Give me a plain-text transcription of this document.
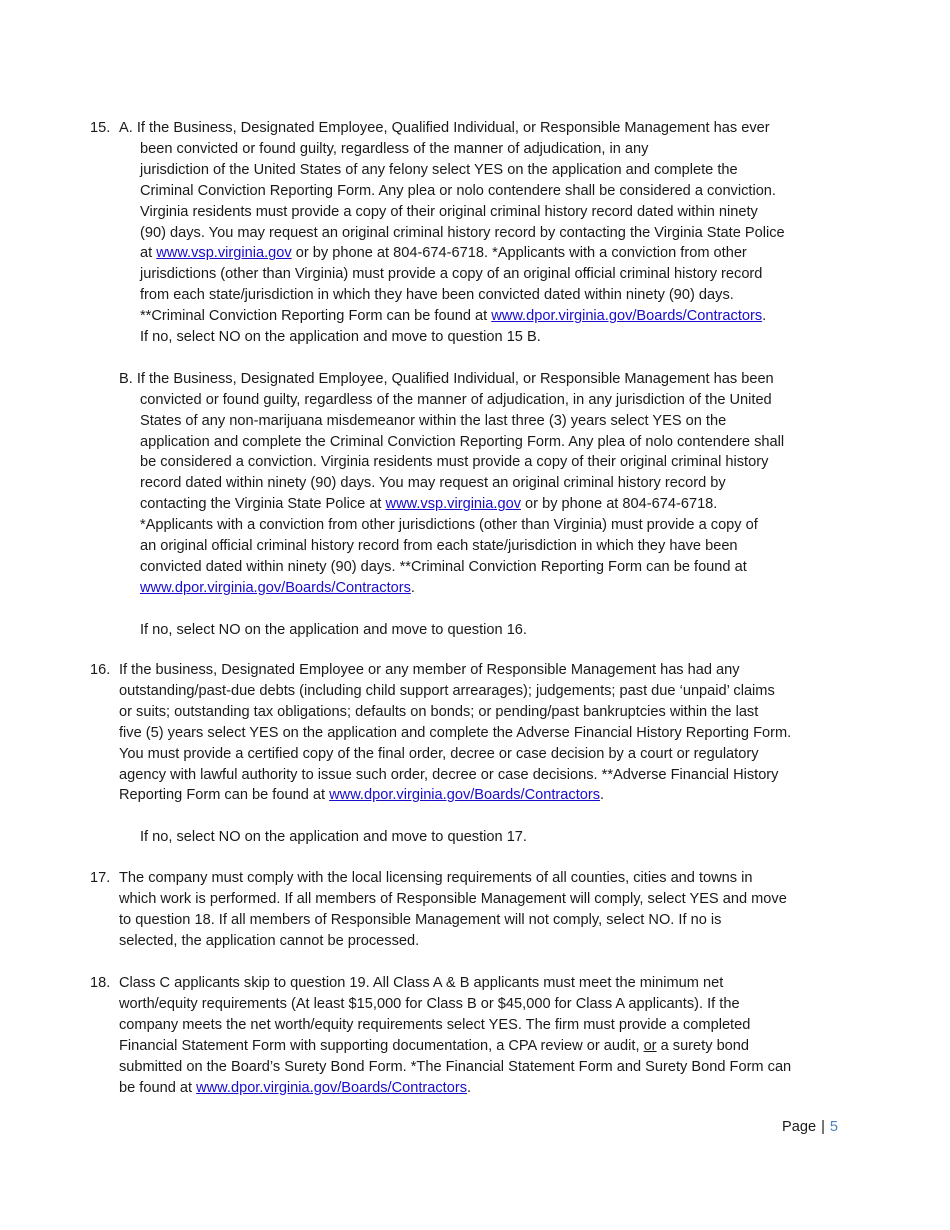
15. A. If the Business, Designated Employee, Qualified Individual, or Responsible Management has ever
been convicted or found guilty, regardless of the manner of adjudication, in any
jurisdiction of the United States of any felony select YES on the application and complete the
Criminal Conviction Reporting Form. Any plea or nolo contendere shall be considered a conviction.
Virginia residents must provide a copy of their original criminal history record dated within ninety
(90) days. You may request an original criminal history record by contacting the Virginia State Police
at www.vsp.virginia.gov or by phone at 804-674-6718. *Applicants with a conviction from other
jurisdictions (other than Virginia) must provide a copy of an original official criminal history record
from each state/jurisdiction in which they have been convicted dated within ninety (90) days.
**Criminal Conviction Reporting Form can be found at www.dpor.virginia.gov/Boards/Contractors.
If no, select NO on the application and move to question 15 B.
B. If the Business, Designated Employee, Qualified Individual, or Responsible Management has been
convicted or found guilty, regardless of the manner of adjudication, in any jurisdiction of the United
States of any non-marijuana misdemeanor within the last three (3) years select YES on the
application and complete the Criminal Conviction Reporting Form. Any plea of nolo contendere shall
be considered a conviction. Virginia residents must provide a copy of their original criminal history
record dated within ninety (90) days. You may request an original criminal history record by
contacting the Virginia State Police at www.vsp.virginia.gov or by phone at 804-674-6718.
*Applicants with a conviction from other jurisdictions (other than Virginia) must provide a copy of
an original official criminal history record from each state/jurisdiction in which they have been
convicted dated within ninety (90) days. **Criminal Conviction Reporting Form can be found at
www.dpor.virginia.gov/Boards/Contractors.
If no, select NO on the application and move to question 16.
16. If the business, Designated Employee or any member of Responsible Management has had any
outstanding/past-due debts (including child support arrearages); judgements; past due ‘unpaid’ claims
or suits; outstanding tax obligations; defaults on bonds; or pending/past bankruptcies within the last
five (5) years select YES on the application and complete the Adverse Financial History Reporting Form.
You must provide a certified copy of the final order, decree or case decision by a court or regulatory
agency with lawful authority to issue such order, decree or case decisions. **Adverse Financial History
Reporting Form can be found at www.dpor.virginia.gov/Boards/Contractors.
If no, select NO on the application and move to question 17.
17. The company must comply with the local licensing requirements of all counties, cities and towns in
which work is performed. If all members of Responsible Management will comply, select YES and move
to question 18. If all members of Responsible Management will not comply, select NO. If no is
selected, the application cannot be processed.
18. Class C applicants skip to question 19. All Class A & B applicants must meet the minimum net
worth/equity requirements (At least $15,000 for Class B or $45,000 for Class A applicants). If the
company meets the net worth/equity requirements select YES. The firm must provide a completed
Financial Statement Form with supporting documentation, a CPA review or audit, or a surety bond
submitted on the Board’s Surety Bond Form. *The Financial Statement Form and Surety Bond Form can
be found at www.dpor.virginia.gov/Boards/Contractors.
Page | 5
